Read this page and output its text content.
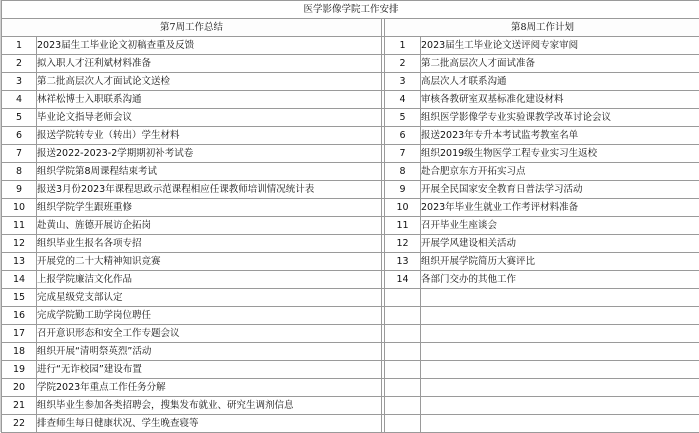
医学影像学院工作安排				
第7周工作总结			第8周工作计划	
1	2023届生工毕业论文初稿查重及反馈		1	2023届生工毕业论文送评阅专家审阅
2	拟入职人才汪利斌材料准备		2	第二批高层次人才面试准备
3	第二批高层次人才面试论文送检		3	高层次人才联系沟通
4	林祥松博士入职联系沟通		4	审核各教研室双基标准化建设材料
5	毕业论文指导老师会议		5	组织医学影像学专业实验课教学改革讨论会议
6	报送学院转专业（转出）学生材料		6	报送2023年专升本考试监考教室名单
7	报送2022-2023-2学期期初补考试卷		7	组织2019级生物医学工程专业实习生返校
8	组织学院第8周课程结束考试		8	赴合肥京东方开拓实习点
9	报送3月份2023年课程思政示范课程相应任课教师培训情况统计表		9	开展全民国家安全教育日普法学习活动
10	组织学院学生跟班重修		10	2023年毕业生就业工作考评材料准备
11	赴黄山、旌德开展访企拓岗		11	召开毕业生座谈会
12	组织毕业生报名各项专招		12	开展学风建设相关活动
13	开展党的二十大精神知识竞赛		13	组织开展学院简历大赛评比
14	上报学院廉洁文化作品		14	各部门交办的其他工作
15	完成星级党支部认定			
16	完成学院勤工助学岗位聘任			
17	召开意识形态和安全工作专题会议			
18	组织开展“清明祭英烈”活动			
19	进行“无诈校园”建设布置			
20	学院2023年重点工作任务分解			
21	组织毕业生参加各类招聘会，搜集发布就业、研究生调剂信息			
22	排查师生每日健康状况、学生晚查寝等			
